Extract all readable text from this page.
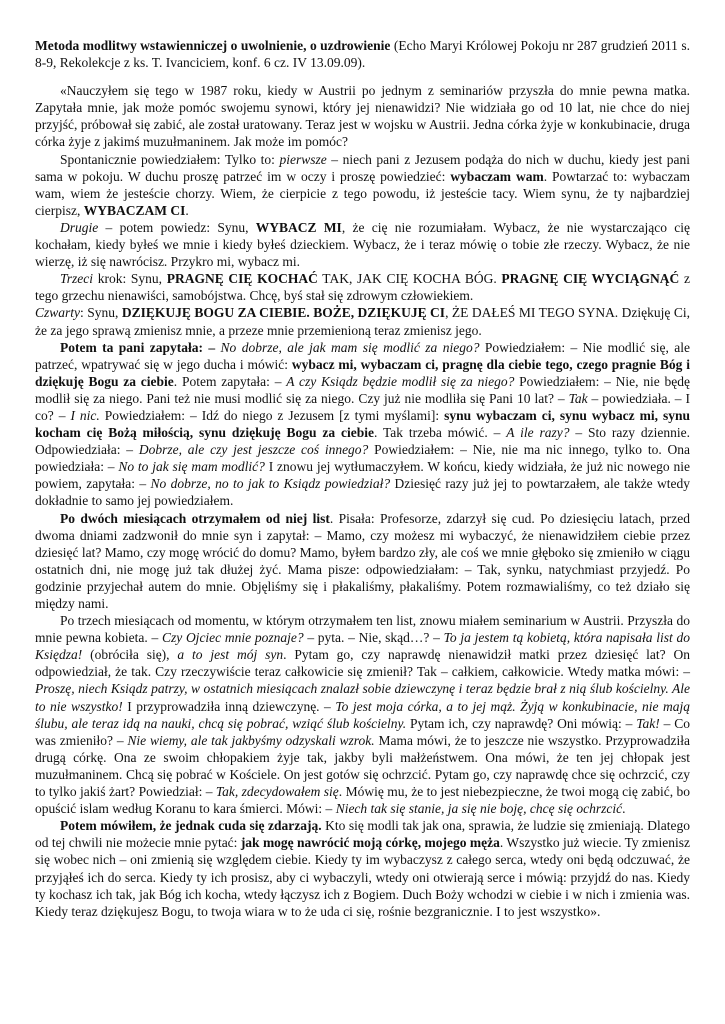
Metoda modlitwy wstawienniczej o uwolnienie, o uzdrowienie (Echo Maryi Królowej Pokoju nr 287 grudzień 2011 s. 8-9, Rekolekcje z ks. T. Ivanciciem, konf. 6 cz. IV 13.09.09).

«Nauczyłem się tego w 1987 roku, kiedy w Austrii po jednym z seminariów przyszła do mnie pewna matka. Zapytała mnie, jak może pomóc swojemu synowi, który jej nienawidzi? Nie widziała go od 10 lat, nie chce do niej przyjść, próbował się zabić, ale został uratowany. Teraz jest w wojsku w Austrii. Jedna córka żyje w konkubinacie, druga córka żyje z jakimś muzułmaninem. Jak może im pomóc?

Spontanicznie powiedziałem: Tylko to: pierwsze – niech pani z Jezusem podąża do nich w duchu, kiedy jest pani sama w pokoju. W duchu proszę patrzeć im w oczy i proszę powiedzieć: wybaczam wam. Powtarzać to: wybaczam wam, wiem że jesteście chorzy. Wiem, że cierpicie z tego powodu, iż jesteście tacy. Wiem synu, że ty najbardziej cierpisz, WYBACZAM CI.

Drugie – potem powiedz: Synu, WYBACZ MI, że cię nie rozumiałam. Wybacz, że nie wystarczająco cię kochałam, kiedy byłeś we mnie i kiedy byłeś dzieckiem. Wybacz, że i teraz mówię o tobie złe rzeczy. Wybacz, że nie wierzę, iż się nawrócisz. Przykro mi, wybacz mi.

Trzeci krok: Synu, PRAGNĘ CIĘ KOCHAĆ TAK, JAK CIĘ KOCHA BÓG. PRAGNĘ CIĘ WYCIĄGNĄĆ z tego grzechu nienawiści, samobójstwa. Chcę, byś stał się zdrowym człowiekiem.

Czwarty: Synu, DZIĘKUJĘ BOGU ZA CIEBIE. BOŻE, DZIĘKUJĘ CI, ŻE DAŁEŚ MI TEGO SYNA. Dziękuję Ci, że za jego sprawą zmienisz mnie, a przeze mnie przemienioną teraz zmienisz jego.

Potem ta pani zapytała: – No dobrze, ale jak mam się modlić za niego? Powiedziałem: – Nie modlić się, ale patrzeć, wpatrywać się w jego ducha i mówić: wybacz mi, wybaczam ci, pragnę dla ciebie tego, czego pragnie Bóg i dziękuję Bogu za ciebie. Potem zapytała: – A czy Ksiądz będzie modlił się za niego? Powiedziałem: – Nie, nie będę modlił się za niego. Pani też nie musi modlić się za niego. Czy już nie modliła się Pani 10 lat? – Tak – powiedziała. – I co? – I nic. Powiedziałem: – Idź do niego z Jezusem [z tymi myślami]: synu wybaczam ci, synu wybacz mi, synu kocham cię Bożą miłością, synu dziękuję Bogu za ciebie. Tak trzeba mówić. – A ile razy? – Sto razy dziennie. Odpowiedziała: – Dobrze, ale czy jest jeszcze coś innego? Powiedziałem: – Nie, nie ma nic innego, tylko to. Ona powiedziała: – No to jak się mam modlić? I znowu jej wytłumaczyłem. W końcu, kiedy widziała, że już nic nowego nie powiem, zapytała: – No dobrze, no to jak to Ksiądz powiedział? Dziesięć razy już jej to powtarzałem, ale także wtedy dokładnie to samo jej powiedziałem.

Po dwóch miesiącach otrzymałem od niej list. Pisała: Profesorze, zdarzył się cud. Po dziesięciu latach, przed dwoma dniami zadzwonił do mnie syn i zapytał: – Mamo, czy możesz mi wybaczyć, że nienawidziłem ciebie przez dziesięć lat? Mamo, czy mogę wrócić do domu? Mamo, byłem bardzo zły, ale coś we mnie głęboko się zmieniło w ciągu ostatnich dni, nie mogę już tak dłużej żyć. Mama pisze: odpowiedziałam: – Tak, synku, natychmiast przyjedź. Po godzinie przyjechał autem do mnie. Objęliśmy się i płakaliśmy, płakaliśmy. Potem rozmawialiśmy, co też działo się między nami.

Po trzech miesiącach od momentu, w którym otrzymałem ten list, znowu miałem seminarium w Austrii. Przyszła do mnie pewna kobieta. – Czy Ojciec mnie poznaje? – pyta. – Nie, skąd…? – To ja jestem tą kobietą, która napisała list do Księdza! (obróciła się), a to jest mój syn. Pytam go, czy naprawdę nienawidził matki przez dziesięć lat? On odpowiedział, że tak. Czy rzeczywiście teraz całkowicie się zmienił? Tak – całkiem, całkowicie. Wtedy matka mówi: – Proszę, niech Ksiądz patrzy, w ostatnich miesiącach znalazł sobie dziewczynę i teraz będzie brał z nią ślub kościelny. Ale to nie wszystko! I przyprowadziła inną dziewczynę. – To jest moja córka, a to jej mąż. Żyją w konkubinacie, nie mają ślubu, ale teraz idą na nauki, chcą się pobrać, wziąć ślub kościelny. Pytam ich, czy naprawdę? Oni mówią: – Tak! – Co was zmieniło? – Nie wiemy, ale tak jakbyśmy odzyskali wzrok. Mama mówi, że to jeszcze nie wszystko. Przyprowadziła drugą córkę. Ona ze swoim chłopakiem żyje tak, jakby byli małżeństwem. Ona mówi, że ten jej chłopak jest muzułmaninem. Chcą się pobrać w Kościele. On jest gotów się ochrzcić. Pytam go, czy naprawdę chce się ochrzcić, czy to tylko jakiś żart? Powiedział: – Tak, zdecydowałem się. Mówię mu, że to jest niebezpieczne, że twoi mogą cię zabić, bo opuścić islam według Koranu to kara śmierci. Mówi: – Niech tak się stanie, ja się nie boję, chcę się ochrzcić.

Potem mówiłem, że jednak cuda się zdarzają. Kto się modli tak jak ona, sprawia, że ludzie się zmieniają. Dlatego od tej chwili nie możecie mnie pytać: jak mogę nawrócić moją córkę, mojego męża. Wszystko już wiecie. Ty zmienisz się wobec nich – oni zmienią się względem ciebie. Kiedy ty im wybaczysz z całego serca, wtedy oni będą odczuwać, że przyjąłeś ich do serca. Kiedy ty ich prosisz, aby ci wybaczyli, wtedy oni otwierają serce i mówią: przyjdź do nas. Kiedy ty kochasz ich tak, jak Bóg ich kocha, wtedy łączysz ich z Bogiem. Duch Boży wchodzi w ciebie i w nich i zmienia was. Kiedy teraz dziękujesz Bogu, to twoja wiara w to że uda ci się, rośnie bezgranicznie. I to jest wszystko».
